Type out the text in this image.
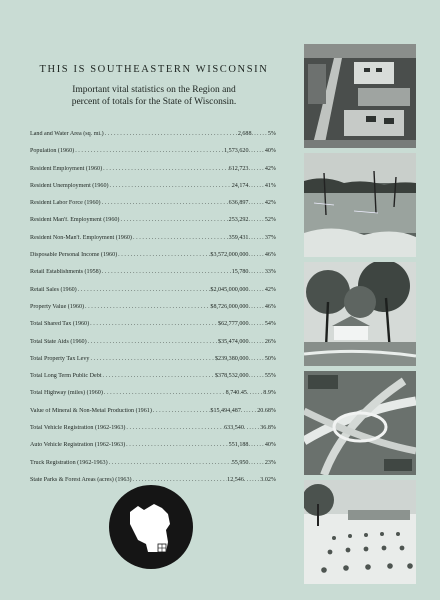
THIS IS SOUTHEASTERN WISCONSIN
Important vital statistics on the Region and
percent of totals for the State of Wisconsin.
Land and Water Area (sq. mi.) .....	2,688	...... 5%
Population (1960) .....	1,573,620	...... 40%
Resident Employment (1960) .....	612,723	...... 42%
Resident Unemployment (1960) .....	24,174	...... 41%
Resident Labor Force (1960) .....	636,897	...... 42%
Resident Man'f. Employment (1960) .....	253,292	...... 52%
Resident Non-Man'f. Employment (1960) .....	359,431	...... 37%
Disposable Personal Income (1960) .....	$3,572,000,000	...... 46%
Retail Establishments (1958) .....	15,780	...... 33%
Retail Sales (1960) .....	$2,045,000,000	...... 42%
Property Value (1960) .....	$8,726,000,000	...... 46%
Total Shared Tax (1960) .....	$62,777,000	...... 54%
Total State Aids (1960) .....	$35,474,000	...... 26%
Total Property Tax Levy .....	$239,380,000	...... 50%
Total Long Term Public Debt .....	$378,532,000	...... 55%
Total Highway (miles) (1960) .....	8,740.45	...... 8.9%
Value of Mineral & Non-Metal Production (1961) .....	$15,494,487	...... 20.68%
Total Vehicle Registration (1962-1963) .....	633,540	...... 36.8%
Auto Vehicle Registration (1962-1963) .....	551,188	...... 40%
Truck Registration (1962-1963) .....	55,950	...... 23%
State Parks & Forest Areas (acres) (1963) .....	12,546	...... 3.02%
